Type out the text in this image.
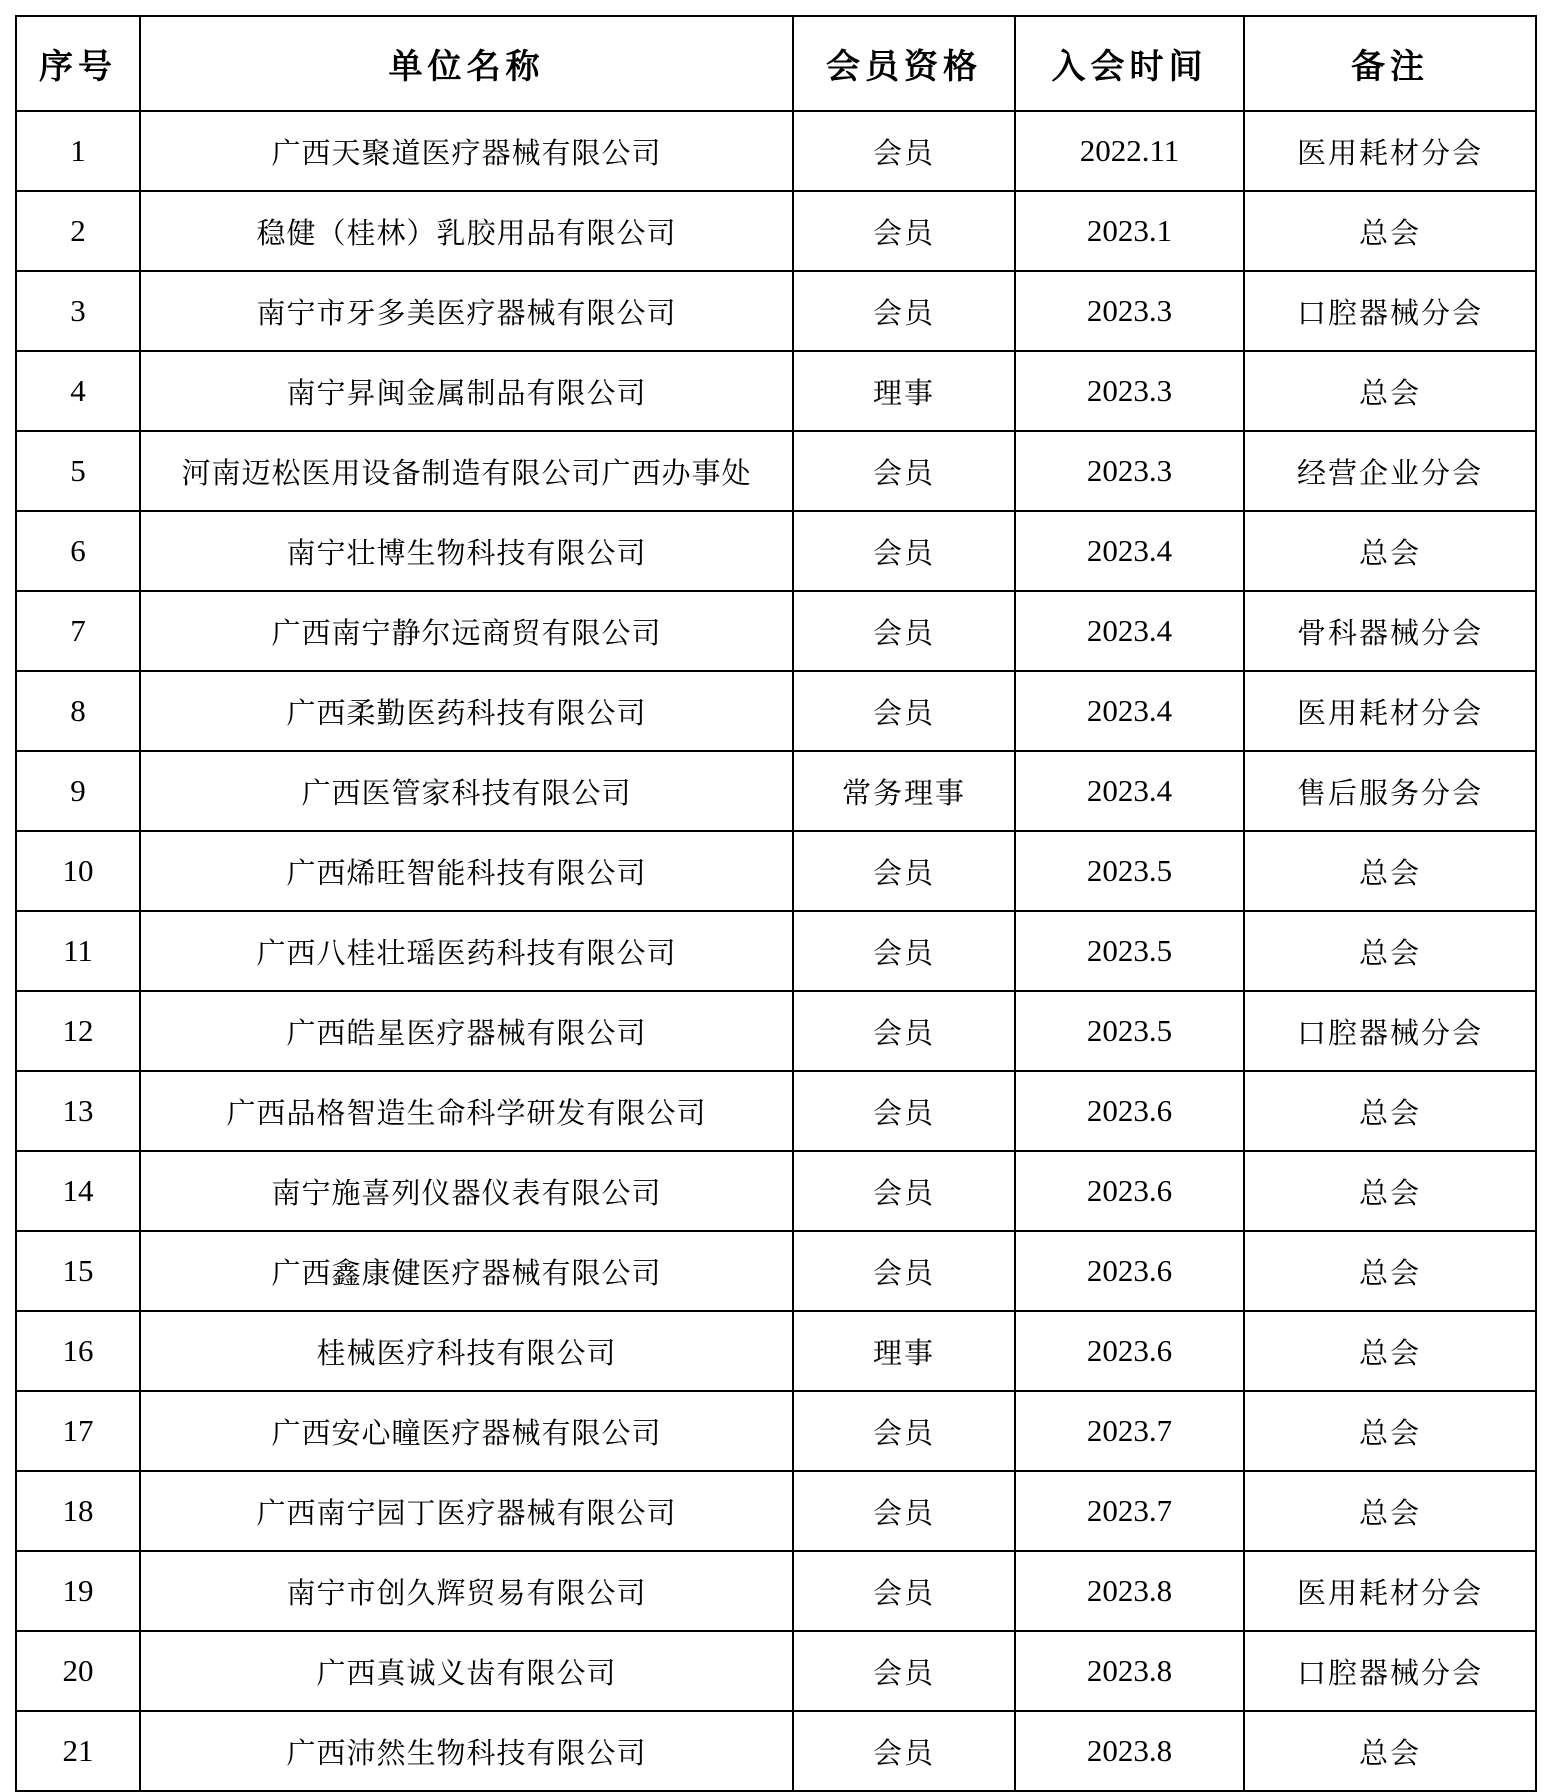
序号	单位名称	会员资格	入会时间	备注
1	广西天聚道医疗器械有限公司	会员	2022.11	医用耗材分会
2	稳健（桂林）乳胶用品有限公司	会员	2023.1	总会
3	南宁市牙多美医疗器械有限公司	会员	2023.3	口腔器械分会
4	南宁昇闽金属制品有限公司	理事	2023.3	总会
5	河南迈松医用设备制造有限公司广西办事处	会员	2023.3	经营企业分会
6	南宁壮博生物科技有限公司	会员	2023.4	总会
7	广西南宁静尔远商贸有限公司	会员	2023.4	骨科器械分会
8	广西柔勤医药科技有限公司	会员	2023.4	医用耗材分会
9	广西医管家科技有限公司	常务理事	2023.4	售后服务分会
10	广西烯旺智能科技有限公司	会员	2023.5	总会
11	广西八桂壮瑶医药科技有限公司	会员	2023.5	总会
12	广西皓星医疗器械有限公司	会员	2023.5	口腔器械分会
13	广西品格智造生命科学研发有限公司	会员	2023.6	总会
14	南宁施喜列仪器仪表有限公司	会员	2023.6	总会
15	广西鑫康健医疗器械有限公司	会员	2023.6	总会
16	桂械医疗科技有限公司	理事	2023.6	总会
17	广西安心瞳医疗器械有限公司	会员	2023.7	总会
18	广西南宁园丁医疗器械有限公司	会员	2023.7	总会
19	南宁市创久辉贸易有限公司	会员	2023.8	医用耗材分会
20	广西真诚义齿有限公司	会员	2023.8	口腔器械分会
21	广西沛然生物科技有限公司	会员	2023.8	总会
